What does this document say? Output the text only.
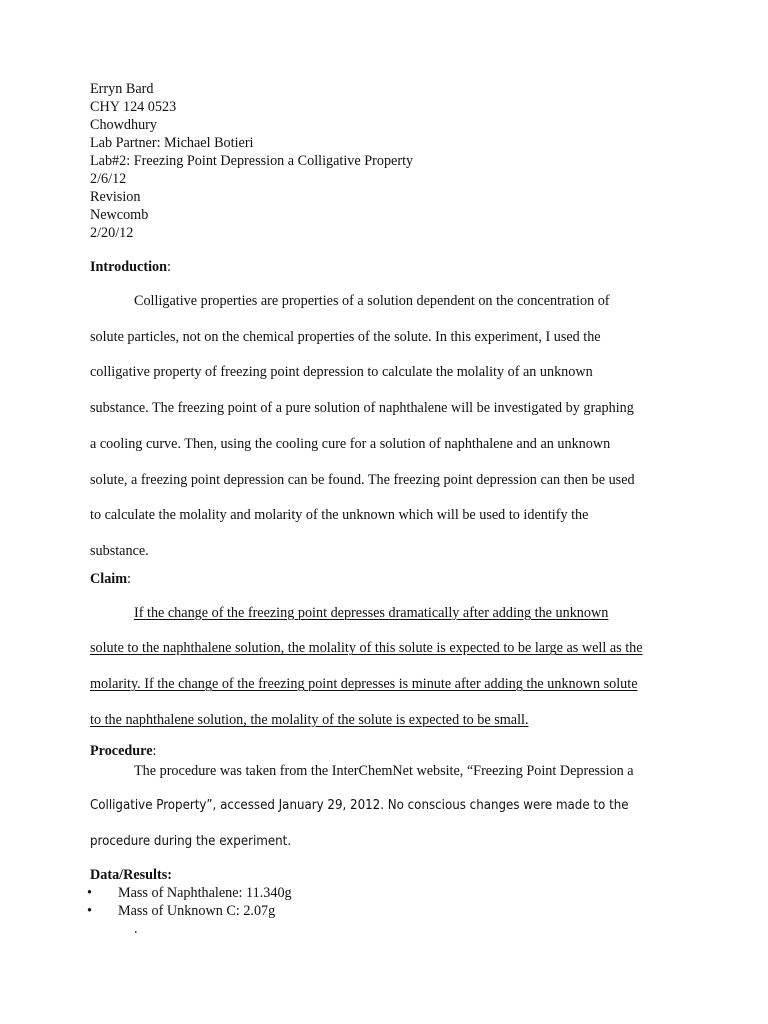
Erryn Bard
CHY 124 0523
Chowdhury
Lab Partner: Michael Botieri
Lab#2: Freezing Point Depression a Colligative Property
2/6/12
Revision
Newcomb
2/20/12
Introduction:
Colligative properties are properties of a solution dependent on the concentration of
solute particles, not on the chemical properties of the solute. In this experiment, I used the
colligative property of freezing point depression to calculate the molality of an unknown
substance. The freezing point of a pure solution of naphthalene will be investigated by graphing
a cooling curve. Then, using the cooling cure for a solution of naphthalene and an unknown
solute, a freezing point depression can be found. The freezing point depression can then be used
to calculate the molality and molarity of the unknown which will be used to identify the
substance.
Claim:
If the change of the freezing point depresses dramatically after adding the unknown
solute to the naphthalene solution, the molality of this solute is expected to be large as well as the
molarity. If the change of the freezing point depresses is minute after adding the unknown solute
to the naphthalene solution, the molality of the solute is expected to be small.
Procedure:
The procedure was taken from the InterChemNet website, “Freezing Point Depression a
Colligative Property”, accessed January 29, 2012. No conscious changes were made to the
procedure during the experiment.
Data/Results:
• Mass of Naphthalene: 11.340g
• Mass of Unknown C: 2.07g
.
